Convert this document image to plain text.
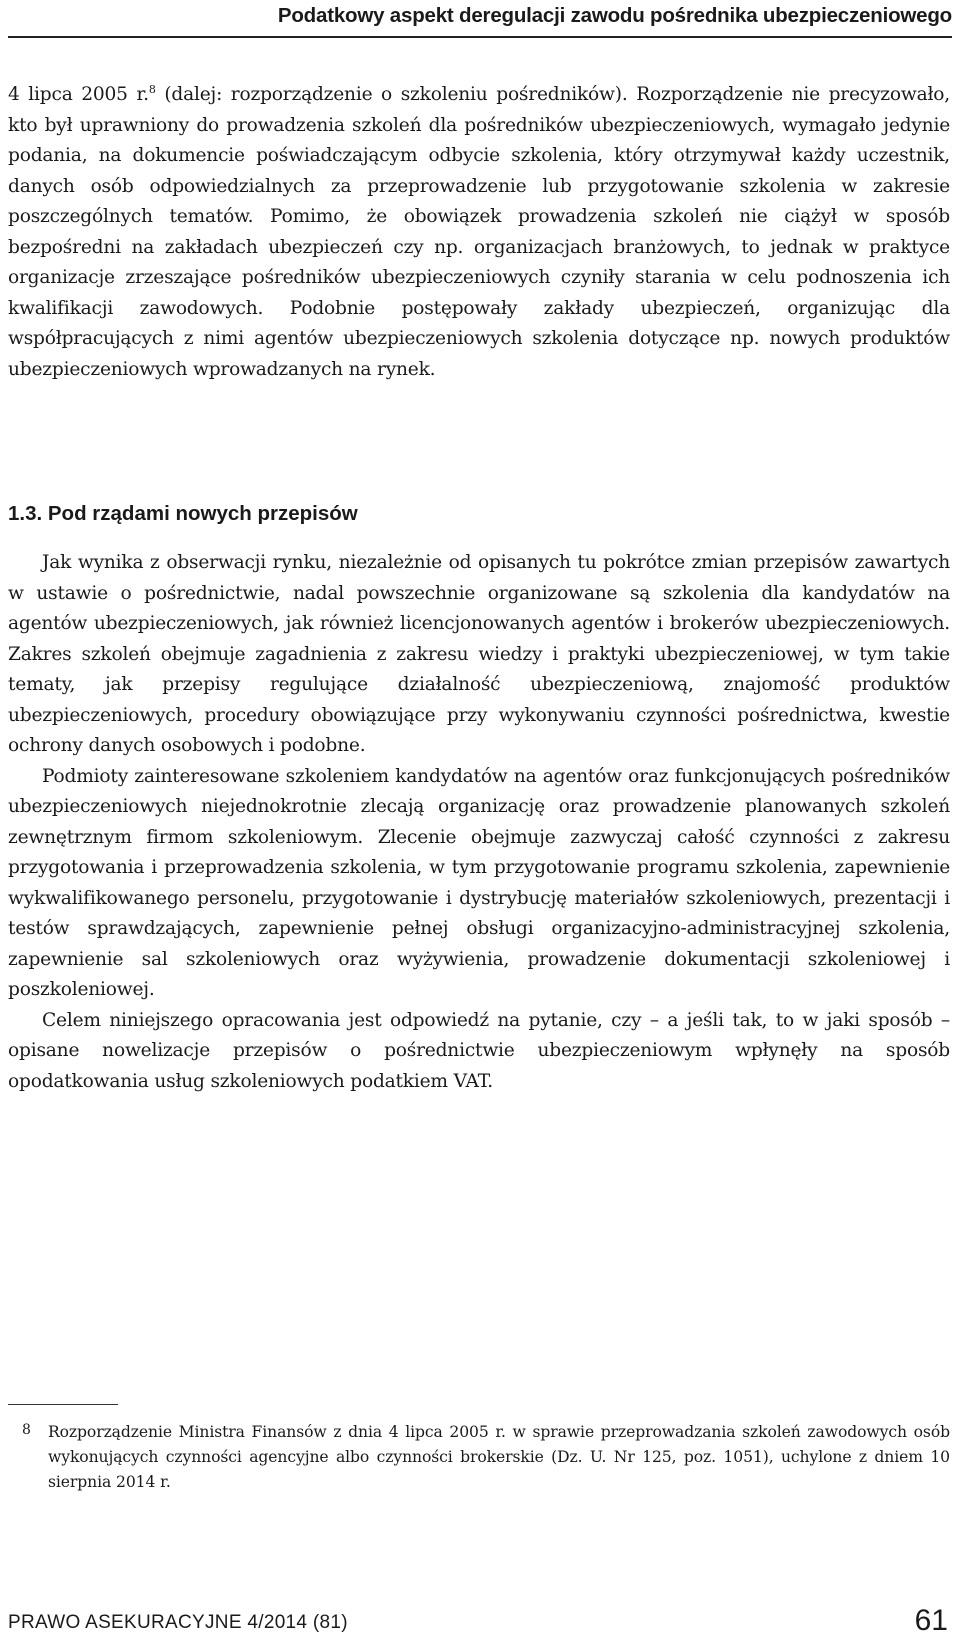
Podatkowy aspekt deregulacji zawodu pośrednika ubezpieczeniowego

4 lipca 2005 r.$^8$ (dalej: rozporządzenie o szkoleniu pośredników). Rozporządzenie nie precyzowało, kto był uprawniony do prowadzenia szkoleń dla pośredników ubezpieczeniowych, wymagało jedynie podania, na dokumencie poświadczającym odbycie szkolenia, który otrzymywał każdy uczestnik, danych osób odpowiedzialnych za przeprowadzenie lub przygotowanie szkolenia w zakresie poszczególnych tematów. Pomimo, że obowiązek prowadzenia szkoleń nie ciążył w sposób bezpośredni na zakładach ubezpieczeń czy np. organizacjach branżowych, to jednak w praktyce organizacje zrzeszające pośredników ubezpieczeniowych czyniły starania w celu podnoszenia ich kwalifikacji zawodowych. Podobnie postępowały zakłady ubezpieczeń, organizując dla współpracujących z nimi agentów ubezpieczeniowych szkolenia dotyczące np. nowych produktów ubezpieczeniowych wprowadzanych na rynek.

1.3. Pod rządami nowych przepisów

Jak wynika z obserwacji rynku, niezależnie od opisanych tu pokrótce zmian przepisów zawartych w ustawie o pośrednictwie, nadal powszechnie organizowane są szkolenia dla kandydatów na agentów ubezpieczeniowych, jak również licencjonowanych agentów i brokerów ubezpieczeniowych. Zakres szkoleń obejmuje zagadnienia z zakresu wiedzy i praktyki ubezpieczeniowej, w tym takie tematy, jak przepisy regulujące działalność ubezpieczeniową, znajomość produktów ubezpieczeniowych, procedury obowiązujące przy wykonywaniu czynności pośrednictwa, kwestie ochrony danych osobowych i podobne.

Podmioty zainteresowane szkoleniem kandydatów na agentów oraz funkcjonujących pośredników ubezpieczeniowych niejednokrotnie zlecają organizację oraz prowadzenie planowanych szkoleń zewnętrznym firmom szkoleniowym. Zlecenie obejmuje zazwyczaj całość czynności z zakresu przygotowania i przeprowadzenia szkolenia, w tym przygotowanie programu szkolenia, zapewnienie wykwalifikowanego personelu, przygotowanie i dystrybucję materiałów szkoleniowych, prezentacji i testów sprawdzających, zapewnienie pełnej obsługi organizacyjno-administracyjnej szkolenia, zapewnienie sal szkoleniowych oraz wyżywienia, prowadzenie dokumentacji szkoleniowej i poszkoleniowej.

Celem niniejszego opracowania jest odpowiedź na pytanie, czy – a jeśli tak, to w jaki sposób – opisane nowelizacje przepisów o pośrednictwie ubezpieczeniowym wpłynęły na sposób opodatkowania usług szkoleniowych podatkiem VAT.

8	Rozporządzenie Ministra Finansów z dnia 4 lipca 2005 r. w sprawie przeprowadzania szkoleń zawodowych osób wykonujących czynności agencyjne albo czynności brokerskie (Dz. U. Nr 125, poz. 1051), uchylone z dniem 10 sierpnia 2014 r.
PRAWO ASEKURACYJNE 4/2014 (81)	61
